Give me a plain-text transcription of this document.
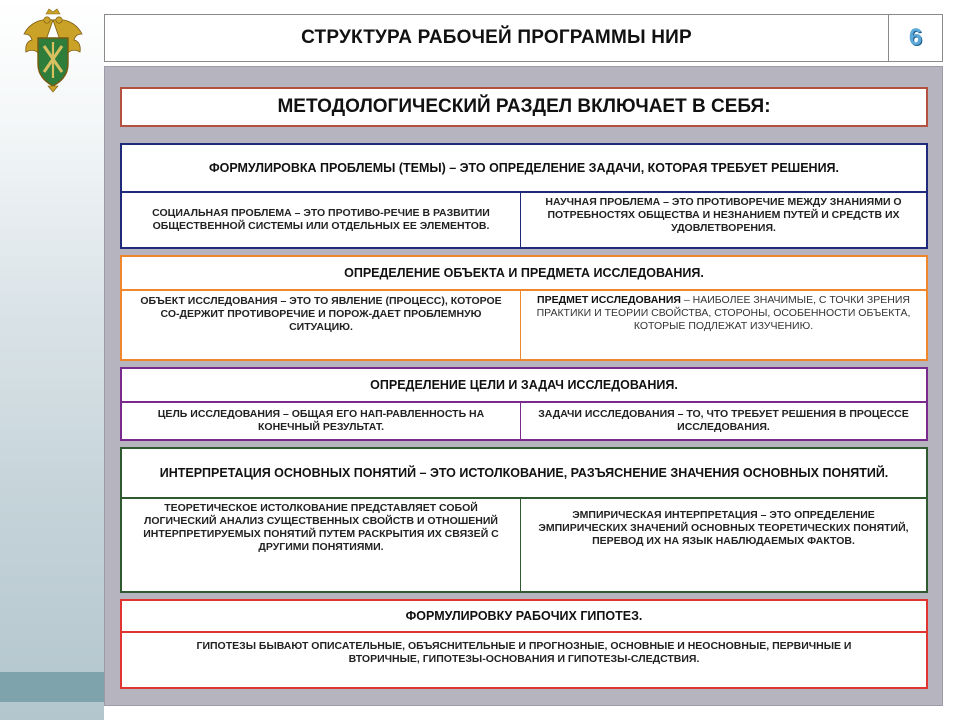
СТРУКТУРА РАБОЧЕЙ ПРОГРАММЫ НИР	6
МЕТОДОЛОГИЧЕСКИЙ РАЗДЕЛ ВКЛЮЧАЕТ В СЕБЯ:
ФОРМУЛИРОВКА ПРОБЛЕМЫ (ТЕМЫ) – ЭТО ОПРЕДЕЛЕНИЕ ЗАДАЧИ, КОТОРАЯ ТРЕБУЕТ РЕШЕНИЯ.
СОЦИАЛЬНАЯ ПРОБЛЕМА – ЭТО ПРОТИВО-РЕЧИЕ В РАЗВИТИИ ОБЩЕСТВЕННОЙ СИСТЕМЫ ИЛИ ОТДЕЛЬНЫХ ЕЕ ЭЛЕМЕНТОВ.
НАУЧНАЯ ПРОБЛЕМА – ЭТО ПРОТИВОРЕЧИЕ МЕЖДУ ЗНАНИЯМИ О ПОТРЕБНОСТЯХ ОБЩЕСТВА И НЕЗНАНИЕМ ПУТЕЙ И СРЕДСТВ ИХ УДОВЛЕТВОРЕНИЯ.
ОПРЕДЕЛЕНИЕ ОБЪЕКТА И ПРЕДМЕТА ИССЛЕДОВАНИЯ.
ОБЪЕКТ ИССЛЕДОВАНИЯ – ЭТО ТО ЯВЛЕНИЕ (ПРОЦЕСС), КОТОРОЕ СО-ДЕРЖИТ ПРОТИВОРЕЧИЕ И ПОРОЖ-ДАЕТ ПРОБЛЕМНУЮ СИТУАЦИЮ.
ПРЕДМЕТ ИССЛЕДОВАНИЯ – НАИБОЛЕЕ ЗНАЧИМЫЕ, С ТОЧКИ ЗРЕНИЯ ПРАКТИКИ И ТЕОРИИ СВОЙСТВА, СТОРОНЫ, ОСОБЕННОСТИ ОБЪЕКТА, КОТОРЫЕ ПОДЛЕЖАТ ИЗУЧЕНИЮ.
ОПРЕДЕЛЕНИЕ ЦЕЛИ И ЗАДАЧ ИССЛЕДОВАНИЯ.
ЦЕЛЬ ИССЛЕДОВАНИЯ – ОБЩАЯ ЕГО НАП-РАВЛЕННОСТЬ НА КОНЕЧНЫЙ РЕЗУЛЬТАТ.
ЗАДАЧИ ИССЛЕДОВАНИЯ – ТО, ЧТО ТРЕБУЕТ РЕШЕНИЯ В ПРОЦЕССЕ ИССЛЕДОВАНИЯ.
ИНТЕРПРЕТАЦИЯ ОСНОВНЫХ ПОНЯТИЙ – ЭТО ИСТОЛКОВАНИЕ, РАЗЪЯСНЕНИЕ ЗНАЧЕНИЯ ОСНОВНЫХ ПОНЯТИЙ.
ТЕОРЕТИЧЕСКОЕ ИСТОЛКОВАНИЕ ПРЕДСТАВЛЯЕТ СОБОЙ ЛОГИЧЕСКИЙ АНАЛИЗ СУЩЕСТВЕННЫХ СВОЙСТВ И ОТНОШЕНИЙ ИНТЕРПРЕТИРУЕМЫХ ПОНЯТИЙ ПУТЕМ РАСКРЫТИЯ ИХ СВЯЗЕЙ С ДРУГИМИ ПОНЯТИЯМИ.
ЭМПИРИЧЕСКАЯ ИНТЕРПРЕТАЦИЯ – ЭТО ОПРЕДЕЛЕНИЕ ЭМПИРИЧЕСКИХ ЗНАЧЕНИЙ ОСНОВНЫХ ТЕОРЕТИЧЕСКИХ ПОНЯТИЙ, ПЕРЕВОД ИХ НА ЯЗЫК НАБЛЮДАЕМЫХ ФАКТОВ.
ФОРМУЛИРОВКУ РАБОЧИХ ГИПОТЕЗ.
ГИПОТЕЗЫ БЫВАЮТ ОПИСАТЕЛЬНЫЕ, ОБЪЯСНИТЕЛЬНЫЕ И ПРОГНОЗНЫЕ, ОСНОВНЫЕ И НЕОСНОВНЫЕ, ПЕРВИЧНЫЕ И ВТОРИЧНЫЕ, ГИПОТЕЗЫ-ОСНОВАНИЯ И ГИПОТЕЗЫ-СЛЕДСТВИЯ.
